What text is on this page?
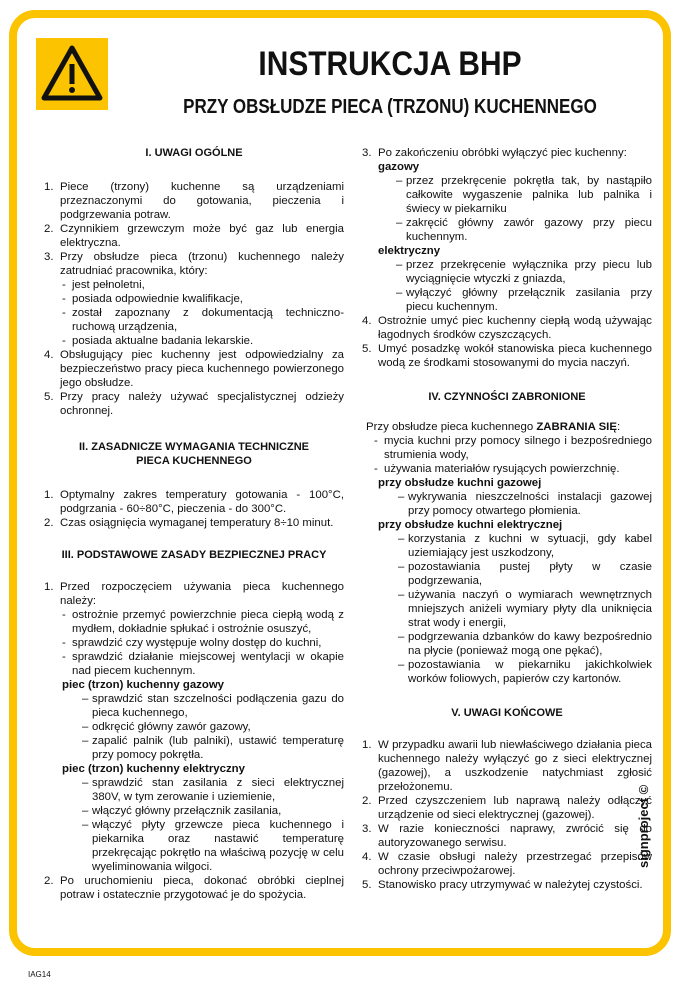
INSTRUKCJA BHP
PRZY OBSŁUDZE PIECA (TRZONU) KUCHENNEGO

I. UWAGI OGÓLNE

1. Piece (trzony) kuchenne są urządzeniami przeznaczonymi do gotowania, pieczenia i podgrzewania potraw.
2. Czynnikiem grzewczym może być gaz lub energia elektryczna.
3. Przy obsłudze pieca (trzonu) kuchennego należy zatrudniać pracownika, który:
- jest pełnoletni,
- posiada odpowiednie kwalifikacje,
- został zapoznany z dokumentacją techniczno-ruchową urządzenia,
- posiada aktualne badania lekarskie.
4. Obsługujący piec kuchenny jest odpowiedzialny za bezpieczeństwo pracy pieca kuchennego powierzonego jego obsłudze.
5. Przy pracy należy używać specjalistycznej odzieży ochronnej.

II. ZASADNICZE WYMAGANIA TECHNICZNE PIECA KUCHENNEGO

1. Optymalny zakres temperatury gotowania - 100°C, podgrzania - 60÷80°C, pieczenia - do 300°C.
2. Czas osiągnięcia wymaganej temperatury 8÷10 minut.

III. PODSTAWOWE ZASADY BEZPIECZNEJ PRACY

1. Przed rozpoczęciem używania pieca kuchennego należy:
- ostrożnie przemyć powierzchnie pieca ciepłą wodą z mydłem, dokładnie spłukać i ostrożnie osuszyć,
- sprawdzić czy występuje wolny dostęp do kuchni,
- sprawdzić działanie miejscowej wentylacji w okapie nad piecem kuchennym.
piec (trzon) kuchenny gazowy
– sprawdzić stan szczelności podłączenia gazu do pieca kuchennego,
– odkręcić główny zawór gazowy,
– zapalić palnik (lub palniki), ustawić temperaturę przy pomocy pokrętła.
piec (trzon) kuchenny elektryczny
– sprawdzić stan zasilania z sieci elektrycznej 380V, w tym zerowanie i uziemienie,
– włączyć główny przełącznik zasilania,
– włączyć płyty grzewcze pieca kuchennego i piekarnika oraz nastawić temperaturę przekręcając pokrętło na właściwą pozycję w celu wyeliminowania wilgoci.
2. Po uruchomieniu pieca, dokonać obróbki cieplnej potraw i ostatecznie przygotować je do spożycia.
3. Po zakończeniu obróbki wyłączyć piec kuchenny:
gazowy
– przez przekręcenie pokrętła tak, by nastąpiło całkowite wygaszenie palnika lub palnika i świecy w piekarniku
– zakręcić główny zawór gazowy przy piecu kuchennym.
elektryczny
– przez przekręcenie wyłącznika przy piecu lub wyciągnięcie wtyczki z gniazda,
– wyłączyć główny przełącznik zasilania przy piecu kuchennym.
4. Ostrożnie umyć piec kuchenny ciepłą wodą używając łagodnych środków czyszczących.
5. Umyć posadzkę wokół stanowiska pieca kuchennego wodą ze środkami stosowanymi do mycia naczyń.

IV. CZYNNOŚCI ZABRONIONE

Przy obsłudze pieca kuchennego ZABRANIA SIĘ:
- mycia kuchni przy pomocy silnego i bezpośredniego strumienia wody,
- używania materiałów rysujących powierzchnię.
przy obsłudze kuchni gazowej
– wykrywania nieszczelności instalacji gazowej przy pomocy otwartego płomienia.
przy obsłudze kuchni elektrycznej
– korzystania z kuchni w sytuacji, gdy kabel uziemiający jest uszkodzony,
– pozostawiania pustej płyty w czasie podgrzewania,
– używania naczyń o wymiarach wewnętrznych mniejszych aniżeli wymiary płyty dla uniknięcia strat wody i energii,
– podgrzewania dzbanków do kawy bezpośrednio na płycie (ponieważ mogą one pękać),
– pozostawiania w piekarniku jakichkolwiek worków foliowych, papierów czy kartonów.

V. UWAGI KOŃCOWE

1. W przypadku awarii lub niewłaściwego działania pieca kuchennego należy wyłączyć go z sieci elektrycznej (gazowej), a uszkodzenie natychmiast zgłosić przełożonemu.
2. Przed czyszczeniem lub naprawą należy odłączyć urządzenie od sieci elektrycznej (gazowej).
3. W razie konieczności naprawy, zwrócić się do autoryzowanego serwisu.
4. W czasie obsługi należy przestrzegać przepisów ochrony przeciwpożarowej.
5. Stanowisko pracy utrzymywać w należytej czystości.
signproject ©
IAG14
